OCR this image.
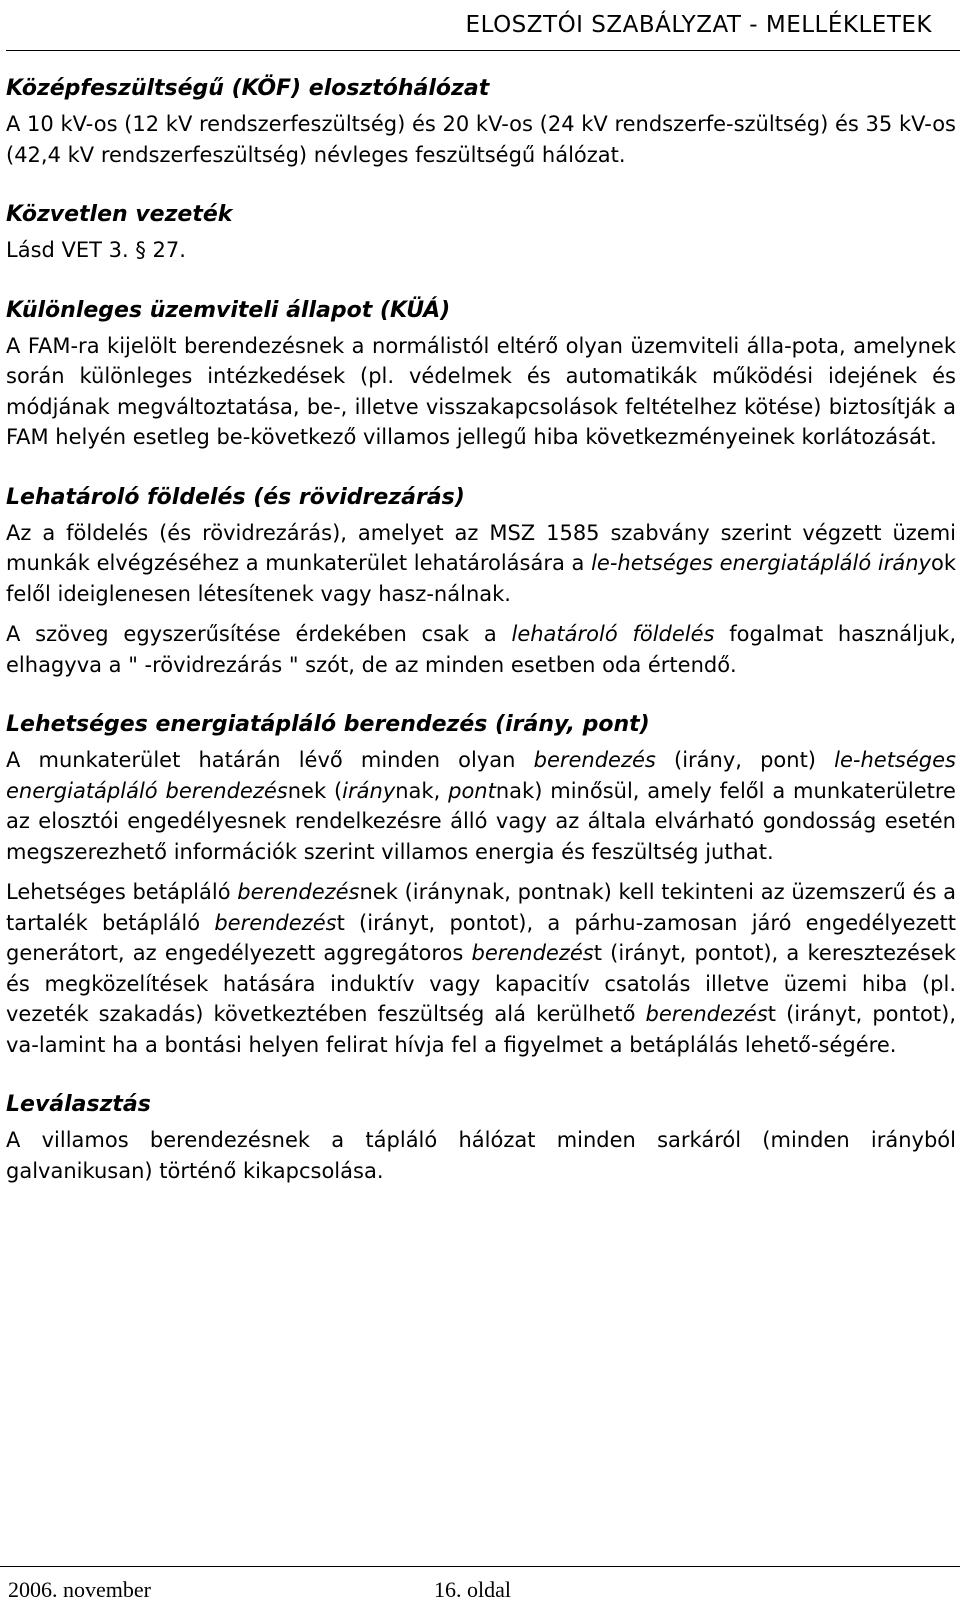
ELOSZTÓI SZABÁLYZAT - MELLÉKLETEK
Középfeszültségű (KÖF) elosztóhálózat

A 10 kV-os (12 kV rendszerfeszültség) és 20 kV-os (24 kV rendszerfe-szültség) és 35 kV-os (42,4 kV rendszerfeszültség) névleges feszültségű hálózat.

Közvetlen vezeték

Lásd VET 3. § 27.

Különleges üzemviteli állapot (KÜÁ)

A FAM-ra kijelölt berendezésnek a normálistól eltérő olyan üzemviteli álla-pota, amelynek során különleges intézkedések (pl. védelmek és automatikák működési idejének és módjának megváltoztatása, be-, illetve visszakapcsolások feltételhez kötése) biztosítják a FAM helyén esetleg be-következő villamos jellegű hiba következményeinek korlátozását.

Lehatároló földelés (és rövidrezárás)

Az a földelés (és rövidrezárás), amelyet az MSZ 1585 szabvány szerint végzett üzemi munkák elvégzéséhez a munkaterület lehatárolására a le-hetséges energiatápláló irányok felől ideiglenesen létesítenek vagy hasz-nálnak.

A szöveg egyszerűsítése érdekében csak a lehatároló földelés fogalmat használjuk, elhagyva a " -rövidrezárás " szót, de az minden esetben oda értendő.

Lehetséges energiatápláló berendezés (irány, pont)

A munkaterület határán lévő minden olyan berendezés (irány, pont) le-hetséges energiatápláló berendezésnek (iránynak, pontnak) minősül, amely felől a munkaterületre az elosztói engedélyesnek rendelkezésre álló vagy az általa elvárható gondosság esetén megszerezhető információk szerint villamos energia és feszültség juthat.

Lehetséges betápláló berendezésnek (iránynak, pontnak) kell tekinteni az üzemszerű és a tartalék betápláló berendezést (irányt, pontot), a párhu-zamosan járó engedélyezett generátort, az engedélyezett aggregátoros berendezést (irányt, pontot), a keresztezések és megközelítések hatására induktív vagy kapacitív csatolás illetve üzemi hiba (pl. vezeték szakadás) következtében feszültség alá kerülhető berendezést (irányt, pontot), va-lamint ha a bontási helyen felirat hívja fel a figyelmet a betáplálás lehető-ségére.

Leválasztás

A villamos berendezésnek a tápláló hálózat minden sarkáról (minden irányból galvanikusan) történő kikapcsolása.

2006. november	16. oldal
